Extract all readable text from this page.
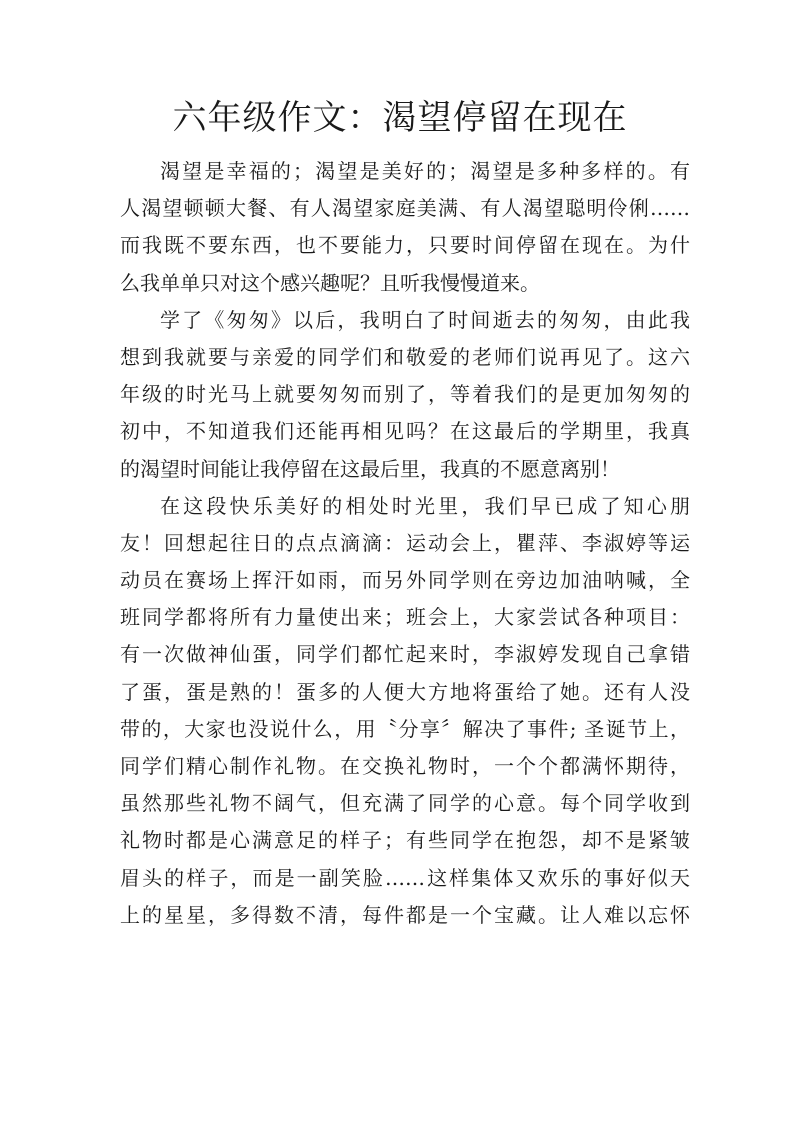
六年级作文：渴望停留在现在
渴望是幸福的；渴望是美好的；渴望是多种多样的。有
人渴望顿顿大餐、有人渴望家庭美满、有人渴望聪明伶俐……
而我既不要东西，也不要能力，只要时间停留在现在。为什
么我单单只对这个感兴趣呢？且听我慢慢道来。
学了《匆匆》以后，我明白了时间逝去的匆匆，由此我
想到我就要与亲爱的同学们和敬爱的老师们说再见了。这六
年级的时光马上就要匆匆而别了，等着我们的是更加匆匆的
初中，不知道我们还能再相见吗？在这最后的学期里，我真
的渴望时间能让我停留在这最后里，我真的不愿意离别！
在这段快乐美好的相处时光里，我们早已成了知心朋
友！回想起往日的点点滴滴：运动会上，瞿萍、李淑婷等运
动员在赛场上挥汗如雨，而另外同学则在旁边加油呐喊，全
班同学都将所有力量使出来；班会上，大家尝试各种项目：
有一次做神仙蛋，同学们都忙起来时，李淑婷发现自己拿错
了蛋，蛋是熟的！蛋多的人便大方地将蛋给了她。还有人没
带的，大家也没说什么，用〝分享〞解决了事件; 圣诞节上，
同学们精心制作礼物。在交换礼物时，一个个都满怀期待，
虽然那些礼物不阔气，但充满了同学的心意。每个同学收到
礼物时都是心满意足的样子；有些同学在抱怨，却不是紧皱
眉头的样子，而是一副笑脸……这样集体又欢乐的事好似天
上的星星，多得数不清，每件都是一个宝藏。让人难以忘怀
